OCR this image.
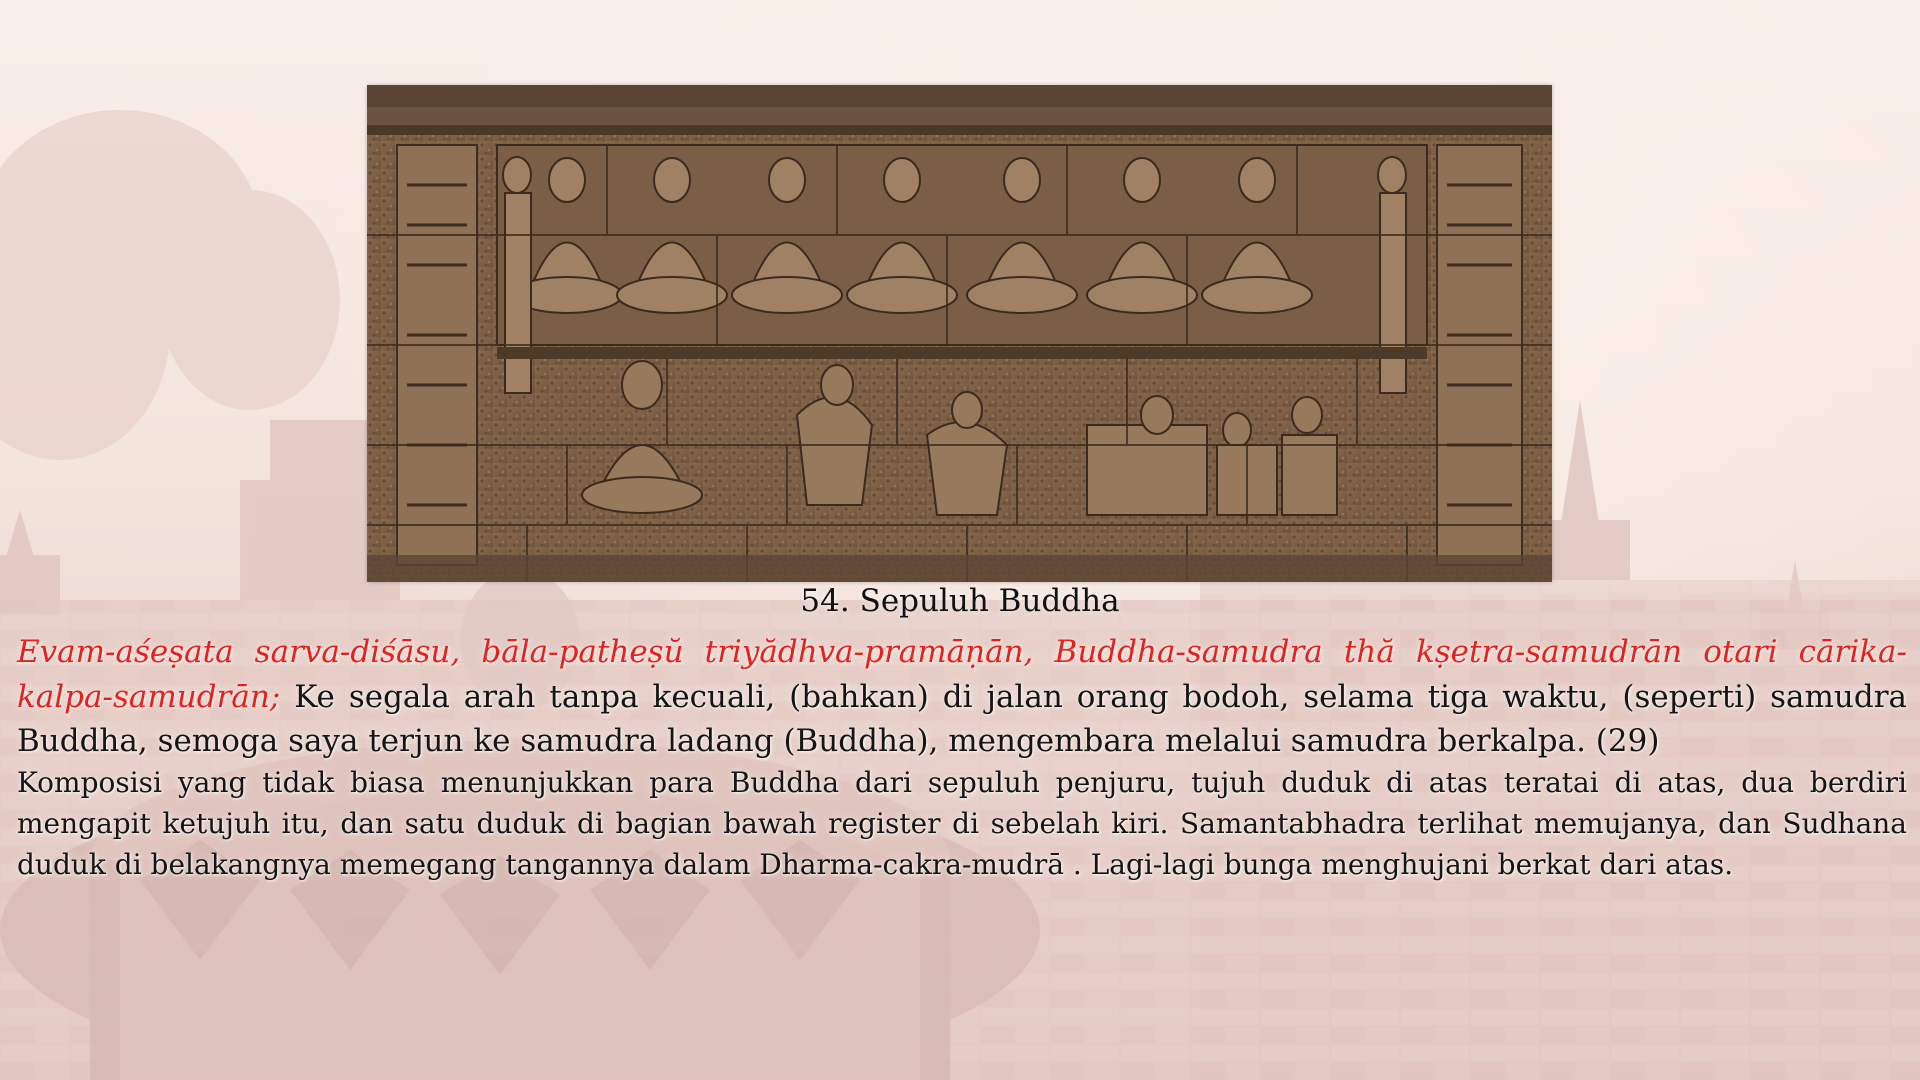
54. Sepuluh Buddha
Evam-aśeṣata sarva-diśāsu, bāla-patheṣŭ triyădhva-pramāṇān, Buddha-samudra thă kṣetra-samudrān otari cārika-kalpa-samudrān; Ke segala arah tanpa kecuali, (bahkan) di jalan orang bodoh, selama tiga waktu, (seperti) samudra Buddha, semoga saya terjun ke samudra ladang (Buddha), mengembara melalui samudra berkalpa. (29)
Komposisi yang tidak biasa menunjukkan para Buddha dari sepuluh penjuru, tujuh duduk di atas teratai di atas, dua berdiri mengapit ketujuh itu, dan satu duduk di bagian bawah register di sebelah kiri. Samantabhadra terlihat memujanya, dan Sudhana duduk di belakangnya memegang tangannya dalam Dharma-cakra-mudrā . Lagi-lagi bunga menghujani berkat dari atas.
